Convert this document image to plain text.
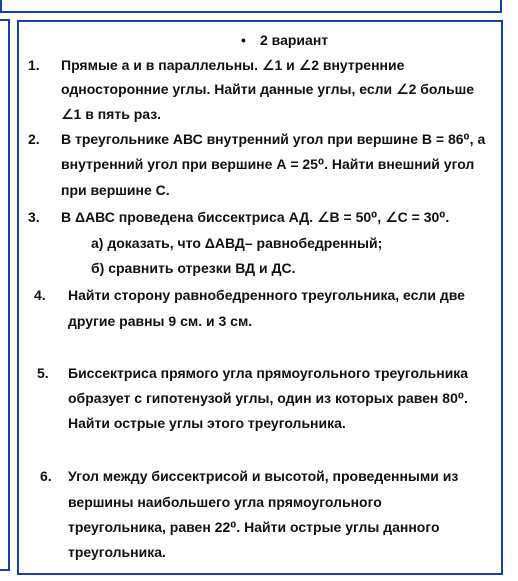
• 2 вариант
1. Прямые а и в параллельны. ∠1 и ∠2 внутренние
односторонние углы. Найти данные углы, если ∠2 больше
∠1 в пять раз.
2. В треугольнике АВС внутренний угол при вершине В = 86⁰, а
внутренний угол при вершине А = 25⁰. Найти внешний угол
при вершине С.
3. В ΔАВС проведена биссектриса АД. ∠В = 50⁰, ∠С = 30⁰.
а) доказать, что ΔАВД– равнобедренный;
б) сравнить отрезки ВД и ДС.
4. Найти сторону равнобедренного треугольника, если две
другие равны 9 см. и 3 см.
5. Биссектриса прямого угла прямоугольного треугольника
образует с гипотенузой углы, один из которых равен 80⁰.
Найти острые углы этого треугольника.
6. Угол между биссектрисой и высотой, проведенными из
вершины наибольшего угла прямоугольного
треугольника, равен 22⁰. Найти острые углы данного
треугольника.
